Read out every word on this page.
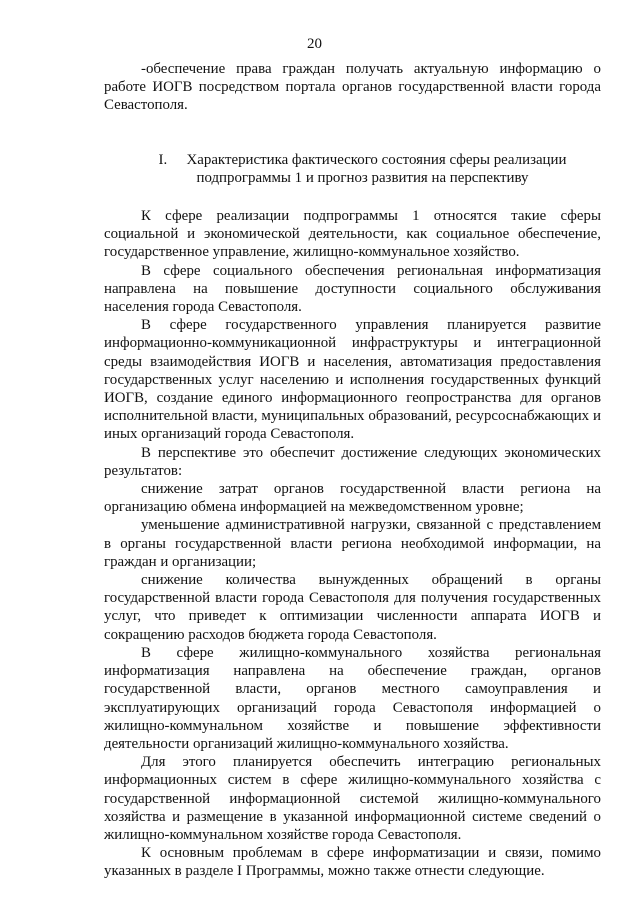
20

-обеспечение права граждан получать актуальную информацию о работе ИОГВ посредством портала органов государственной власти города Севастополя.

I. Характеристика фактического состояния сферы реализации
подпрограммы 1 и прогноз развития на перспективу

К сфере реализации подпрограммы 1 относятся такие сферы социальной и экономической деятельности, как социальное обеспечение, государственное управление, жилищно-коммунальное хозяйство.

В сфере социального обеспечения региональная информатизация направлена на повышение доступности социального обслуживания населения города Севастополя.

В сфере государственного управления планируется развитие информационно-коммуникационной инфраструктуры и интеграционной среды взаимодействия ИОГВ и населения, автоматизация предоставления государственных услуг населению и исполнения государственных функций ИОГВ, создание единого информационного геопространства для органов исполнительной власти, муниципальных образований, ресурсоснабжающих и иных организаций города Севастополя.

В перспективе это обеспечит достижение следующих экономических результатов:

снижение затрат органов государственной власти региона на организацию обмена информацией на межведомственном уровне;

уменьшение административной нагрузки, связанной с представлением в органы государственной власти региона необходимой информации, на граждан и организации;

снижение количества вынужденных обращений в органы государственной власти города Севастополя для получения государственных услуг, что приведет к оптимизации численности аппарата ИОГВ и сокращению расходов бюджета города Севастополя.

В сфере жилищно-коммунального хозяйства региональная информатизация направлена на обеспечение граждан, органов государственной власти, органов местного самоуправления и эксплуатирующих организаций города Севастополя информацией о жилищно-коммунальном хозяйстве и повышение эффективности деятельности организаций жилищно-коммунального хозяйства.

Для этого планируется обеспечить интеграцию региональных информационных систем в сфере жилищно-коммунального хозяйства с государственной информационной системой жилищно-коммунального хозяйства и размещение в указанной информационной системе сведений о жилищно-коммунальном хозяйстве города Севастополя.

К основным проблемам в сфере информатизации и связи, помимо указанных в разделе I Программы, можно также отнести следующие.
